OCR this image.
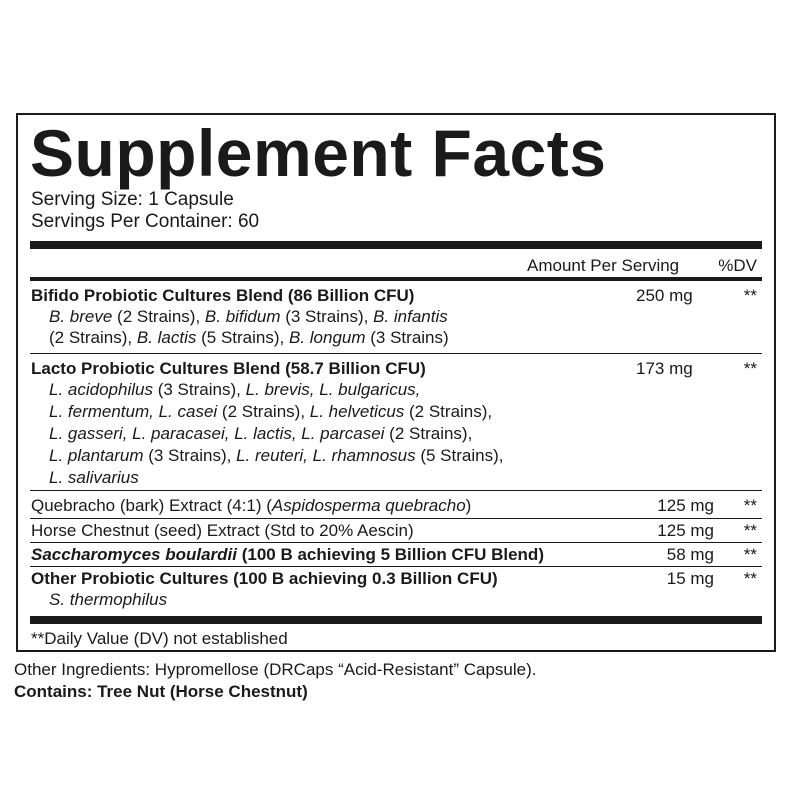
Supplement Facts
Serving Size: 1 Capsule
Servings Per Container: 60
Amount Per Serving %DV
Bifido Probiotic Cultures Blend (86 Billion CFU)	250 mg	**
B. breve (2 Strains), B. bifidum (3 Strains), B. infantis
(2 Strains), B. lactis (5 Strains), B. longum (3 Strains)
Lacto Probiotic Cultures Blend (58.7 Billion CFU)	173 mg	**
L. acidophilus (3 Strains), L. brevis, L. bulgaricus,
L. fermentum, L. casei (2 Strains), L. helveticus (2 Strains),
L. gasseri, L. paracasei, L. lactis, L. parcasei (2 Strains),
L. plantarum (3 Strains), L. reuteri, L. rhamnosus (5 Strains),
L. salivarius
Quebracho (bark) Extract (4:1) (Aspidosperma quebracho)	125 mg **
Horse Chestnut (seed) Extract (Std to 20% Aescin)	125 mg **
Saccharomyces boulardii (100 B achieving 5 Billion CFU Blend)	58 mg **
Other Probiotic Cultures (100 B achieving 0.3 Billion CFU)	15 mg **
S. thermophilus
**Daily Value (DV) not established
Other Ingredients: Hypromellose (DRCaps “Acid-Resistant” Capsule).
Contains: Tree Nut (Horse Chestnut)
